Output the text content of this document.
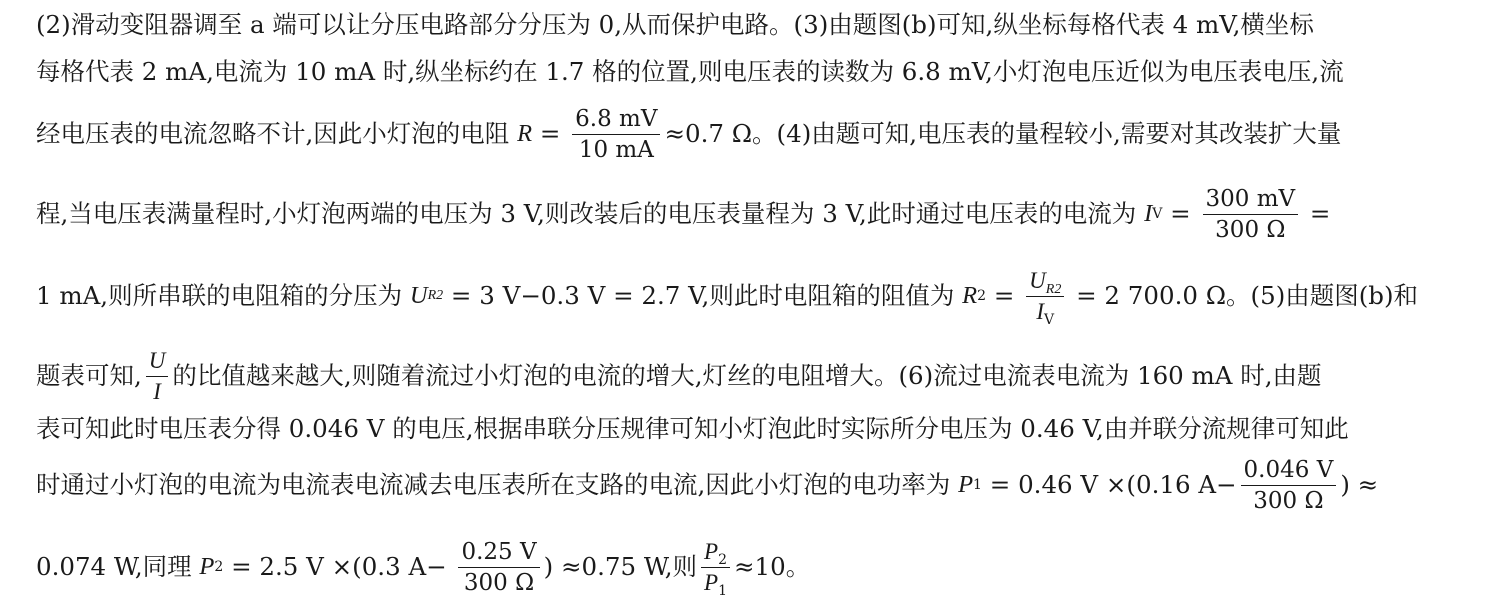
(2)滑动变阻器调至 a 端可以让分压电路部分分压为 0,从而保护电路。(3)由题图(b)可知,纵坐标每格代表 4 mV,横坐标
每格代表 2 mA,电流为 10 mA 时,纵坐标约在 1.7 格的位置,则电压表的读数为 6.8 mV,小灯泡电压近似为电压表电压,流
经电压表的电流忽略不计,因此小灯泡的电阻 $R = \frac{6.8 mV}{10 mA} \approx 0.7$ Ω。(4)由题可知,电压表的量程较小,需要对其改装扩大量
程,当电压表满量程时,小灯泡两端的电压为 3 V,则改装后的电压表量程为 3 V,此时通过电压表的电流为 I $V = \frac{300 mV}{300 \Omega}$ =
1 mA,则所串联的电阻箱的分压为 U R2 = 3 V−0.3 V = 2.7 V,则此时电阻箱的阻值为 R $2 = \frac{U_{R2}}{I_V} = 2$ 700.0 Ω。(5)由题图(b)和
题表可知, $\frac{U}{I}$ 的比值越来越大,则随着流过小灯泡的电流的增大,灯丝的电阻增大。(6)流过电流表电流为 160 mA 时,由题
表可知此时电压表分得 0.046 V 的电压,根据串联分压规律可知小灯泡此时实际所分电压为 0.46 V,由并联分流规律可知此
时通过小灯泡的电流为电流表电流减去电压表所在支路的电流,因此小灯泡的电功率为 P 1 = 0.46 V ×(0.16 $A- \frac{0.046 V}{300 \Omega}$ ) ≈
0.074 W,同理 P 2 = 2.5 V ×(0.3 $A- \frac{0.25 V}{300 \Omega}$ ) ≈0.75 W,则 $\frac{P_2}{P_1} \approx 10$。
